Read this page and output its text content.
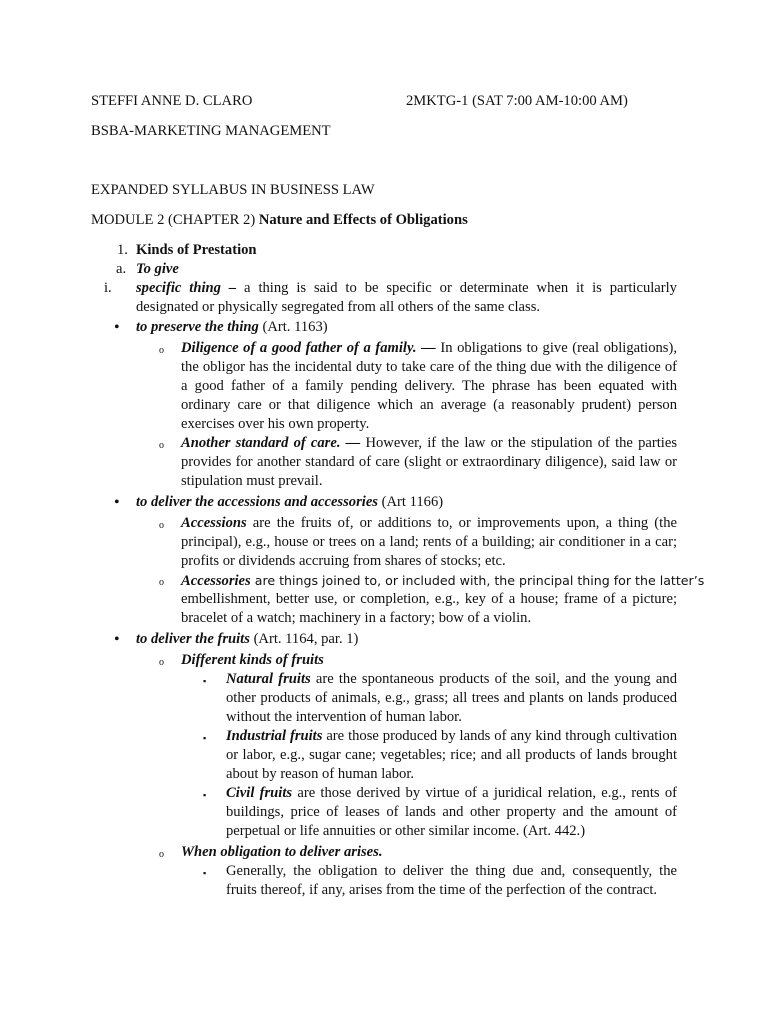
STEFFI ANNE D. CLARO	2MKTG-1 (SAT 7:00 AM-10:00 AM)
BSBA-MARKETING MANAGEMENT
EXPANDED SYLLABUS IN BUSINESS LAW
MODULE 2 (CHAPTER 2) Nature and Effects of Obligations
1. Kinds of Prestation
a. To give
i. specific thing – a thing is said to be specific or determinate when it is particularly designated or physically segregated from all others of the same class.
• to preserve the thing (Art. 1163)
o Diligence of a good father of a family. — In obligations to give (real obligations), the obligor has the incidental duty to take care of the thing due with the diligence of a good father of a family pending delivery. The phrase has been equated with ordinary care or that diligence which an average (a reasonably prudent) person exercises over his own property.
o Another standard of care. — However, if the law or the stipulation of the parties provides for another standard of care (slight or extraordinary diligence), said law or stipulation must prevail.
• to deliver the accessions and accessories (Art 1166)
o Accessions are the fruits of, or additions to, or improvements upon, a thing (the principal), e.g., house or trees on a land; rents of a building; air conditioner in a car; profits or dividends accruing from shares of stocks; etc.
o Accessories are things joined to, or included with, the principal thing for the latter’s
embellishment, better use, or completion, e.g., key of a house; frame of a picture; bracelet of a watch; machinery in a factory; bow of a violin.
• to deliver the fruits (Art. 1164, par. 1)
o Different kinds of fruits
▪ Natural fruits are the spontaneous products of the soil, and the young and other products of animals, e.g., grass; all trees and plants on lands produced without the intervention of human labor.
▪ Industrial fruits are those produced by lands of any kind through cultivation or labor, e.g., sugar cane; vegetables; rice; and all products of lands brought about by reason of human labor.
▪ Civil fruits are those derived by virtue of a juridical relation, e.g., rents of buildings, price of leases of lands and other property and the amount of perpetual or life annuities or other similar income. (Art. 442.)
o When obligation to deliver arises.
▪ Generally, the obligation to deliver the thing due and, consequently, the fruits thereof, if any, arises from the time of the perfection of the contract.
